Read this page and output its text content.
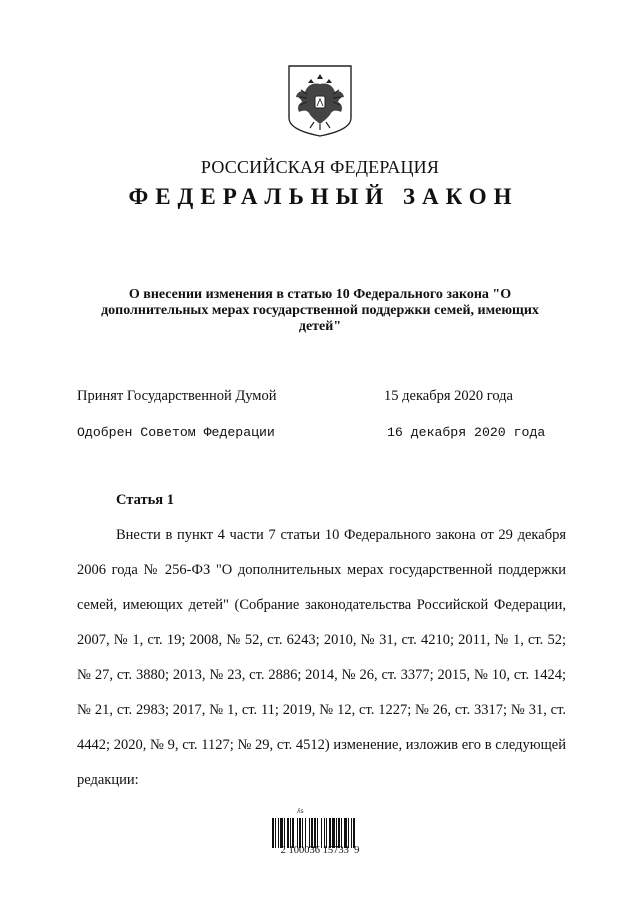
РОССИЙСКАЯ ФЕДЕРАЦИЯ
ФЕДЕРАЛЬНЫЙ ЗАКОН
О внесении изменения в статью 10 Федерального закона "О дополнительных мерах государственной поддержки семей, имеющих детей"
Принят Государственной Думой	15 декабря 2020 года
Одобрен Советом Федерации	16 декабря 2020 года
Статья 1

Внести в пункт 4 части 7 статьи 10 Федерального закона от 29 декабря 2006 года № 256-ФЗ "О дополнительных мерах государственной поддержки семей, имеющих детей" (Собрание законодательства Российской Федерации, 2007, № 1, ст. 19; 2008, № 52, ст. 6243; 2010, № 31, ст. 4210; 2011, № 1, ст. 52; № 27, ст. 3880; 2013, № 23, ст. 2886; 2014, № 26, ст. 3377; 2015, № 10, ст. 1424; № 21, ст. 2983; 2017, № 1, ст. 11; 2019, № 12, ст. 1227; № 26, ст. 3317; № 31, ст. 4442; 2020, № 9, ст. 1127; № 29, ст. 4512) изменение, изложив его в следующей редакции:

ʎs
2 100036 15733  9
